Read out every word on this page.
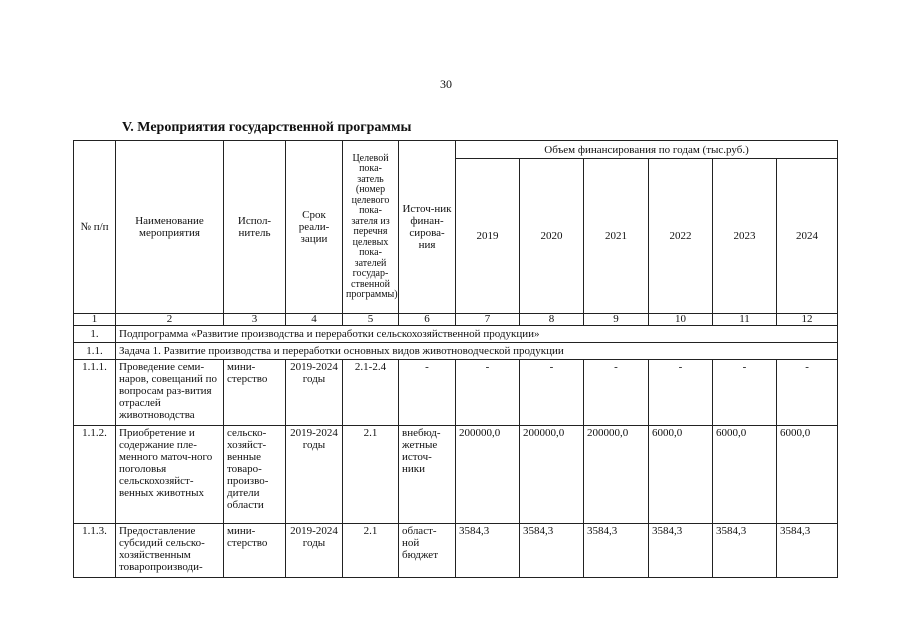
30
V. Мероприятия государственной программы
№ п/п	Наименование мероприятия	Испол-нитель	Срок реали-зации	Целевой пока-затель (номер целевого пока-зателя из перечня целевых пока-зателей государ-ственной программы)	Источ-ник финан-сирова-ния	Объем финансирования по годам (тыс.руб.)					
						2019	2020	2021	2022	2023	2024
1	2	3	4	5	6	7	8	9	10	11	12
1.	Подпрограмма «Развитие производства и переработки сельскохозяйственной продукции»										
1.1.	Задача 1. Развитие производства и переработки основных видов животноводческой продукции										
1.1.1.	Проведение семи-наров, совещаний по вопросам раз-вития отраслей животноводства	мини-стерство	2019-2024 годы	2.1-2.4	-	-	-	-	-	-	-
1.1.2.	Приобретение и содержание пле-менного маточ-ного поголовья сельскохозяйст-венных животных	сельско-хозяйст-венные товаро-произво-дители области	2019-2024 годы	2.1	внебюд-жетные источ-ники	200000,0	200000,0	200000,0	6000,0	6000,0	6000,0
1.1.3.	Предоставление субсидий сельско-хозяйственным товаропроизводи-	мини-стерство	2019-2024 годы	2.1	област-ной бюджет	3584,3	3584,3	3584,3	3584,3	3584,3	3584,3
